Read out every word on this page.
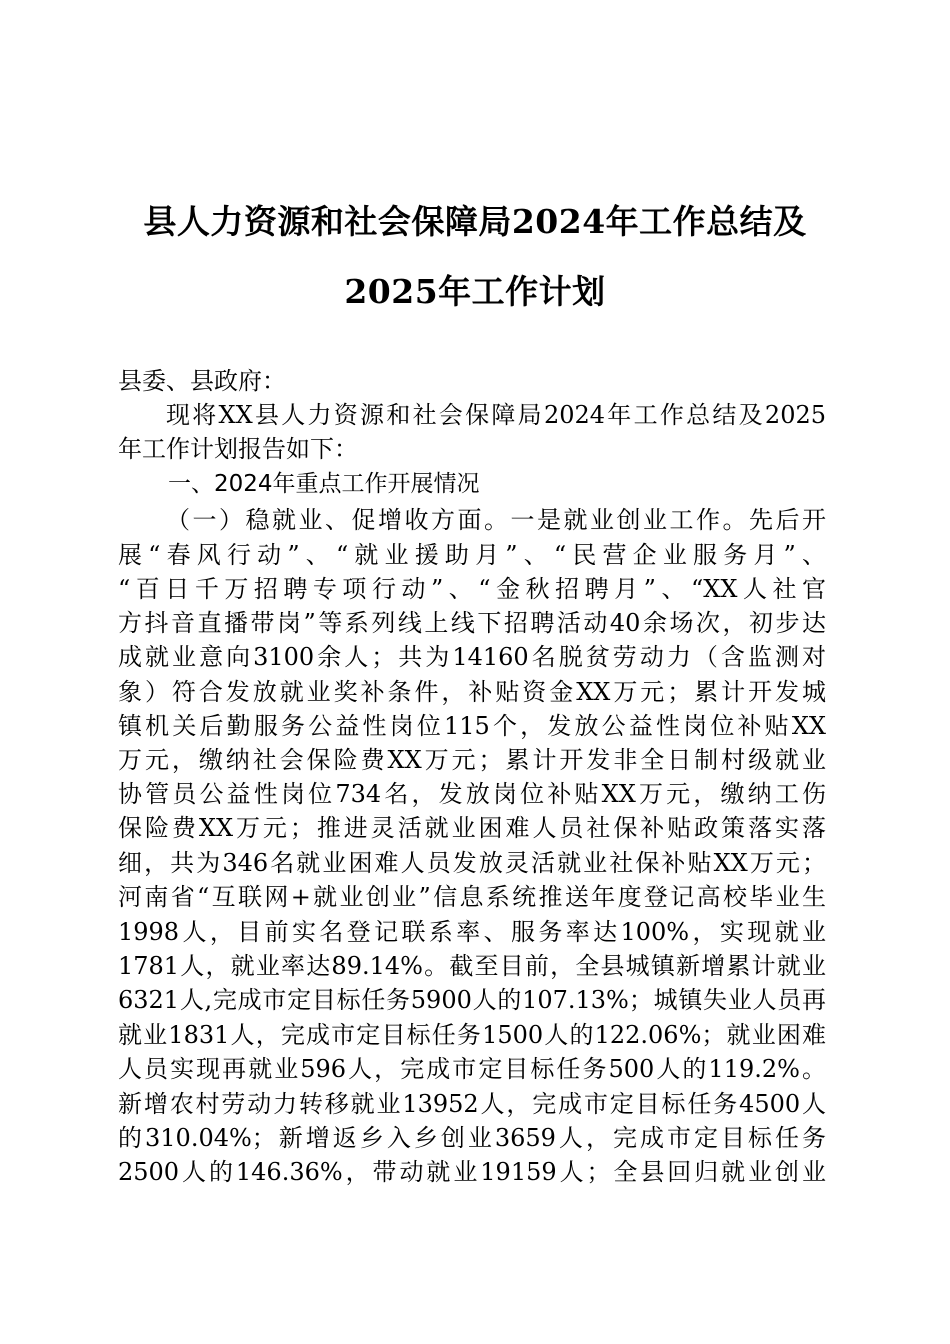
县人力资源和社会保障局2024年工作总结及
2025年工作计划
县委、县政府：
现将XX县人力资源和社会保障局2024年工作总结及2025
年工作计划报告如下：
一、2024年重点工作开展情况
（一）稳就业、促增收方面。一是就业创业工作。先后开
展“春风行动”、“就业援助月”、“民营企业服务月”、
“百日千万招聘专项行动”、“金秋招聘月”、“XX人社官
方抖音直播带岗”等系列线上线下招聘活动40余场次，初步达
成就业意向3100余人；共为14160名脱贫劳动力（含监测对
象）符合发放就业奖补条件，补贴资金XX万元；累计开发城
镇机关后勤服务公益性岗位115个，发放公益性岗位补贴XX
万元，缴纳社会保险费XX万元；累计开发非全日制村级就业
协管员公益性岗位734名，发放岗位补贴XX万元，缴纳工伤
保险费XX万元；推进灵活就业困难人员社保补贴政策落实落
细，共为346名就业困难人员发放灵活就业社保补贴XX万元；
河南省“互联网+就业创业”信息系统推送年度登记高校毕业生
1998人，目前实名登记联系率、服务率达100%，实现就业
1781人，就业率达89.14%。截至目前，全县城镇新增累计就业
6321人,完成市定目标任务5900人的107.13%；城镇失业人员再
就业1831人，完成市定目标任务1500人的122.06%；就业困难
人员实现再就业596人，完成市定目标任务500人的119.2%。
新增农村劳动力转移就业13952人，完成市定目标任务4500人
的310.04%；新增返乡入乡创业3659人，完成市定目标任务
2500人的146.36%，带动就业19159人；全县回归就业创业
